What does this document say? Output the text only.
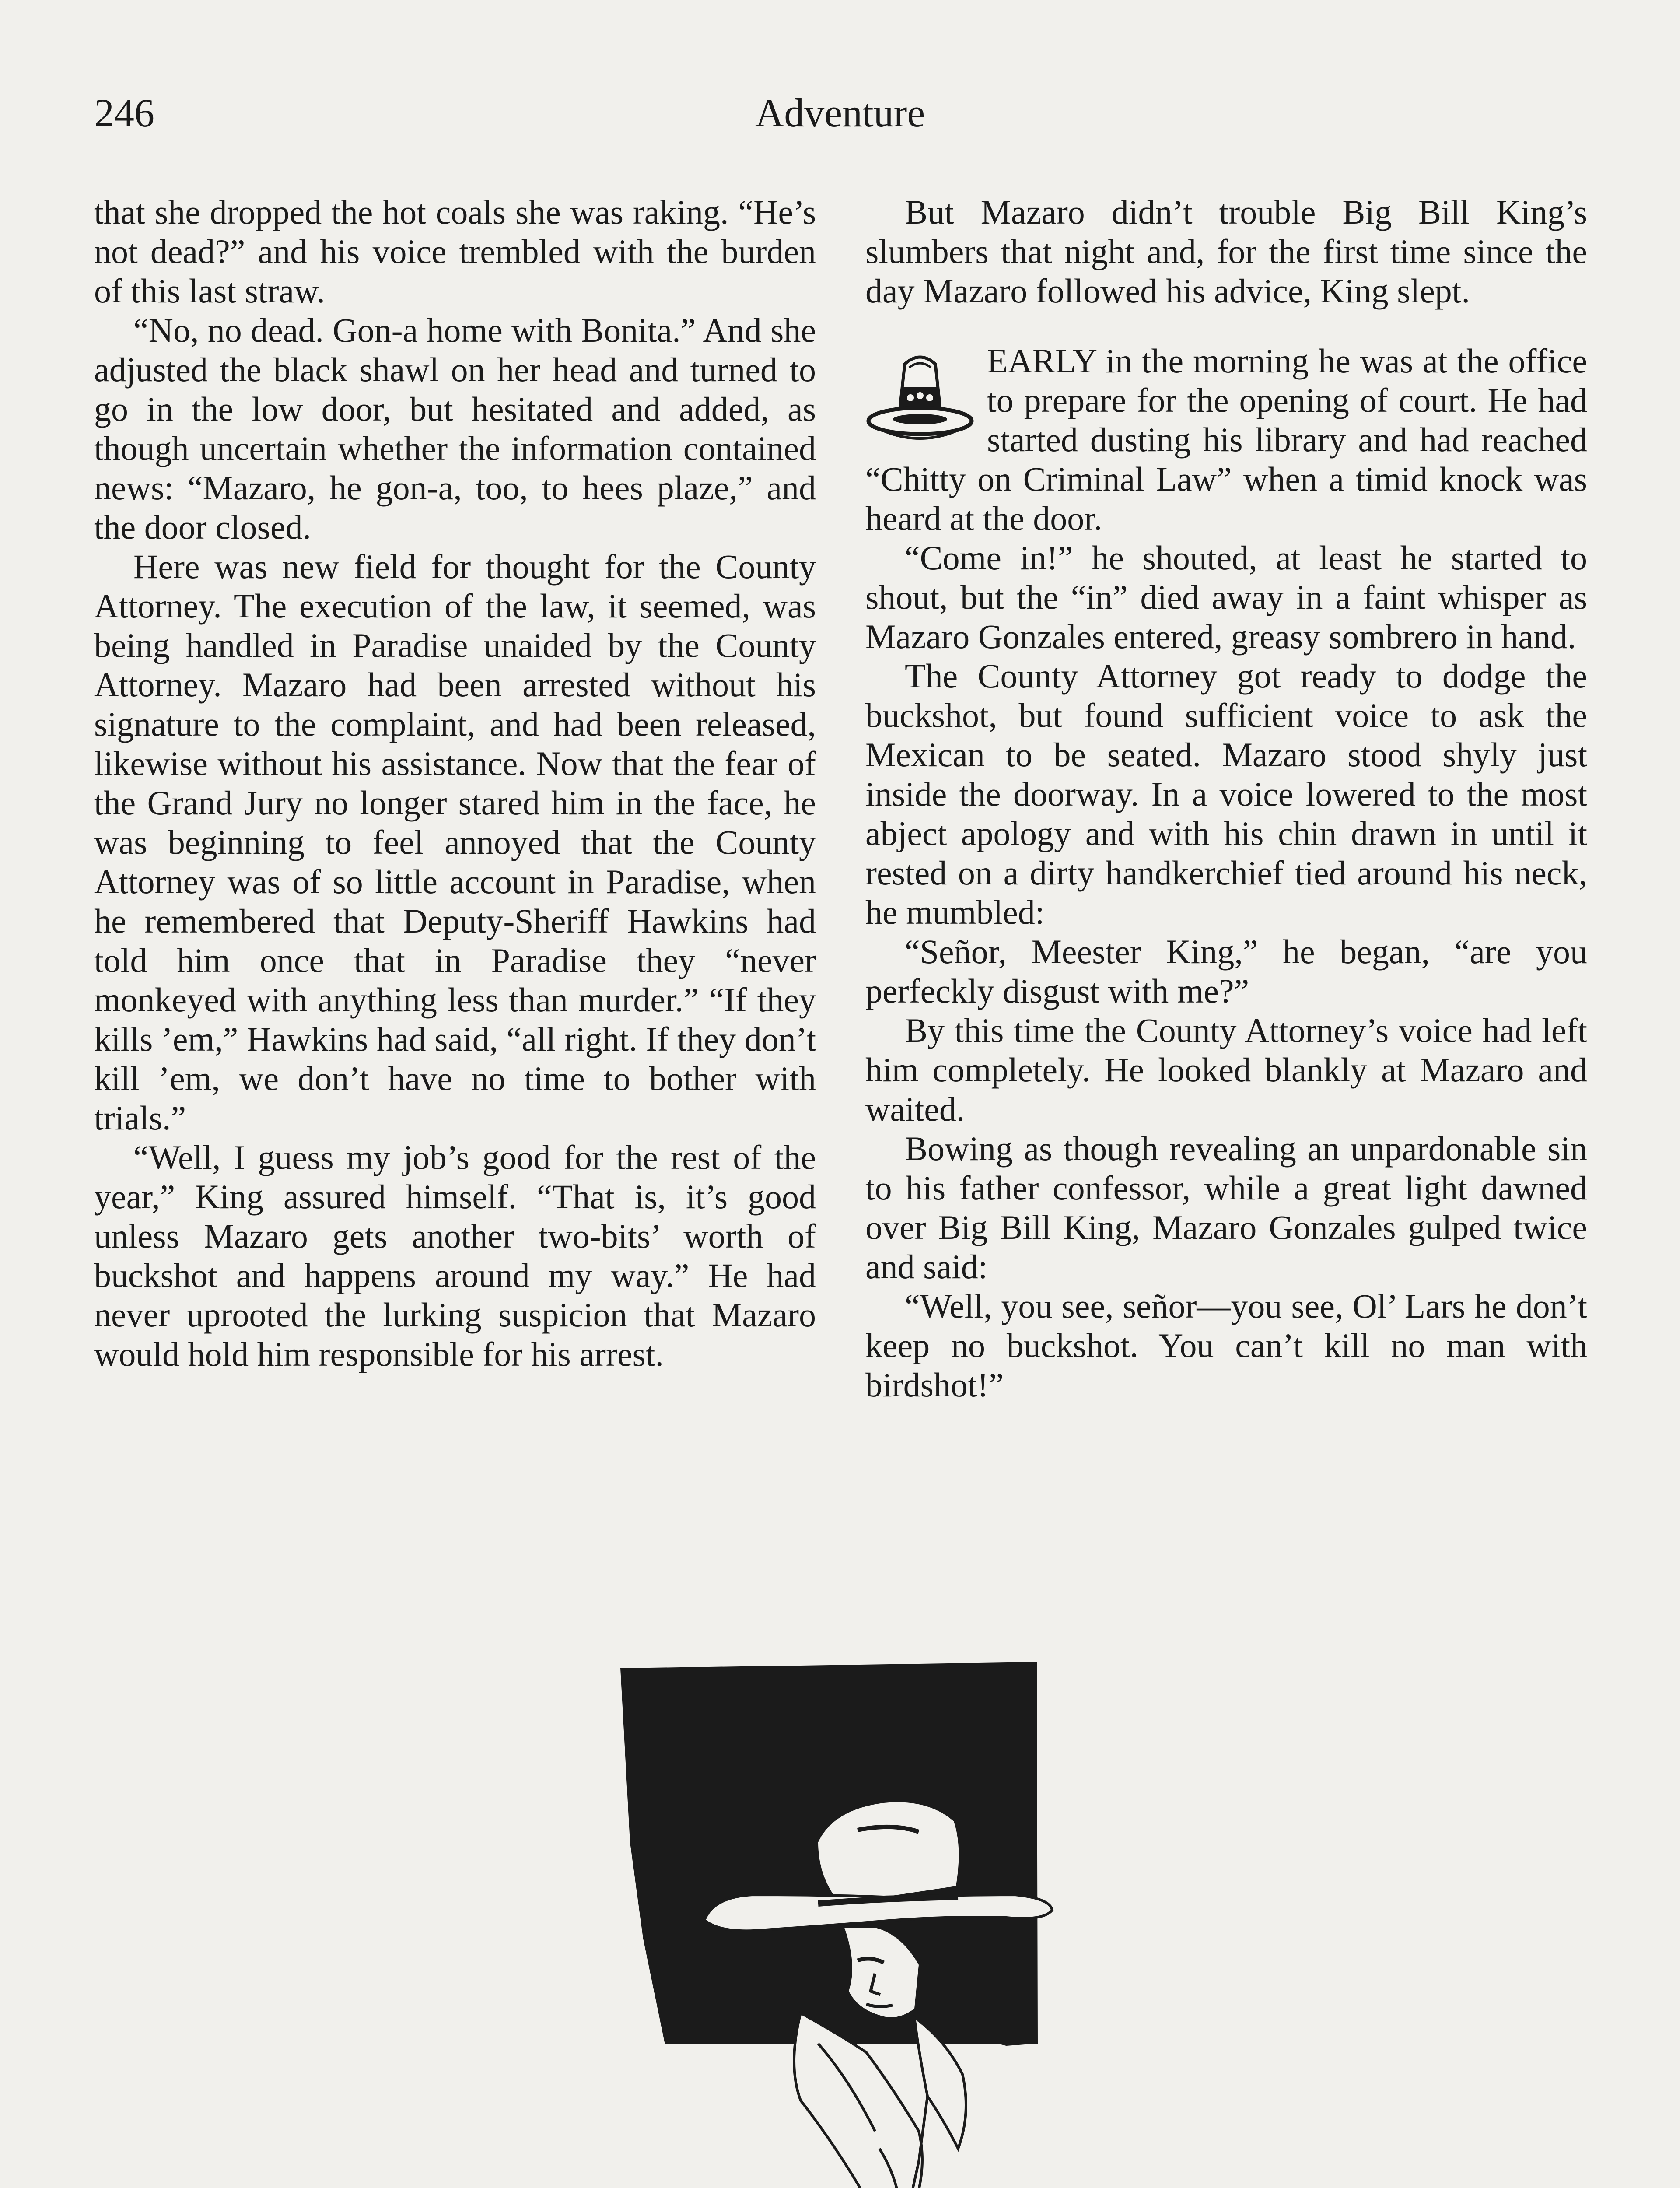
246	Adventure

that she dropped the hot coals she was raking. “He’s not dead?” and his voice trembled with the burden of this last straw.

“No, no dead. Gon-a home with Bonita.” And she adjusted the black shawl on her head and turned to go in the low door, but hesitated and added, as though uncertain whether the information contained news: “Mazaro, he gon-a, too, to hees plaze,” and the door closed.

Here was new field for thought for the County Attorney. The execution of the law, it seemed, was being handled in Paradise unaided by the County Attorney. Mazaro had been arrested without his signature to the complaint, and had been released, likewise without his assistance. Now that the fear of the Grand Jury no longer stared him in the face, he was beginning to feel annoyed that the County Attorney was of so little account in Paradise, when he remembered that Deputy-Sheriff Hawkins had told him once that in Paradise they “never monkeyed with anything less than murder.” “If they kills ’em,” Hawkins had said, “all right. If they don’t kill ’em, we don’t have no time to bother with trials.”

“Well, I guess my job’s good for the rest of the year,” King assured himself. “That is, it’s good unless Mazaro gets another two-bits’ worth of buckshot and happens around my way.” He had never uprooted the lurking suspicion that Mazaro would hold him responsible for his arrest.

But Mazaro didn’t trouble Big Bill King’s slumbers that night and, for the first time since the day Mazaro followed his advice, King slept.

EARLY in the morning he was at the office to prepare for the opening of court. He had started dusting his library and had reached “Chitty on Criminal Law” when a timid knock was heard at the door.

“Come in!” he shouted, at least he started to shout, but the “in” died away in a faint whisper as Mazaro Gonzales entered, greasy sombrero in hand.

The County Attorney got ready to dodge the buckshot, but found sufficient voice to ask the Mexican to be seated. Mazaro stood shyly just inside the doorway. In a voice lowered to the most abject apology and with his chin drawn in until it rested on a dirty handkerchief tied around his neck, he mumbled:

“Señor, Meester King,” he began, “are you perfeckly disgust with me?”

By this time the County Attorney’s voice had left him completely. He looked blankly at Mazaro and waited.

Bowing as though revealing an unpardonable sin to his father confessor, while a great light dawned over Big Bill King, Mazaro Gonzales gulped twice and said:

“Well, you see, señor—you see, Ol’ Lars he don’t keep no buckshot. You can’t kill no man with birdshot!”
